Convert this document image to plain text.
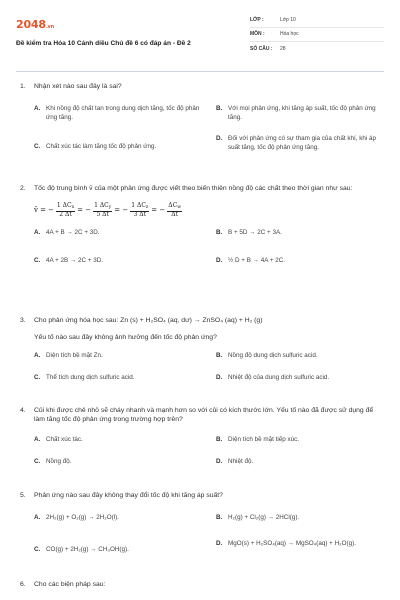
2048.vn
Đề kiểm tra Hóa 10 Cánh diều Chủ đề 6 có đáp án - Đề 2
LỚP :	Lớp 10
MÔN :	Hóa học
SỐ CÂU :	28
1.	Nhận xét nào sau đây là sai?
A. Khi nồng độ chất tan trong dung dịch tăng, tốc độ phản ứng tăng.
B. Với mọi phản ứng, khi tăng áp suất, tốc độ phản ứng tăng.
C. Chất xúc tác làm tăng tốc độ phản ứng.
D. Đối với phản ứng có sự tham gia của chất khí, khi áp suất tăng, tốc độ phản ứng tăng.
2.	Tốc độ trung bình v̄ của một phản ứng được viết theo biến thiên nồng độ các chất theo thời gian như sau:
v̄ = − $\frac{1 \Delta C_x}{2 \Delta t}$ = − $\frac{1 \Delta C_y}{5 \Delta t}$ = − $\frac{1 \Delta C_z}{3 \Delta t}$ = − $\frac{\Delta C_w}{\Delta t}$
A. 4A + B → 2C + 3D.	B. B + 5D → 2C + 3A.
C. 4A + 2B → 2C + 3D.	D. ½ D + B → 4A + 2C.
3.	Cho phản ứng hóa học sau: Zn (s) + H₂SO₄ (aq, dư) → ZnSO₄ (aq) + H₂ (g)
Yếu tố nào sau đây không ảnh hưởng đến tốc độ phản ứng?
A. Diện tích bề mặt Zn.	B. Nồng độ dung dịch sulfuric acid.
C. Thể tích dung dịch sulfuric acid.	D. Nhiệt độ của dung dịch sulfuric acid.
4.	Củi khi được chẻ nhỏ sẽ cháy nhanh và mạnh hơn so với củi có kích thước lớn. Yếu tố nào đã được sử dụng để làm tăng tốc độ phản ứng trong trường hợp trên?
A. Chất xúc tác.	B. Diện tích bề mặt tiếp xúc.
C. Nồng độ.	D. Nhiệt độ.
5.	Phản ứng nào sau đây không thay đổi tốc độ khi tăng áp suất?
A. 2H₂(g) + O₂(g) → 2H₂O(l).	B. H₂(g) + Cl₂(g) → 2HCl(g).
C. CO(g) + 2H₂(g) → CH₃OH(g).
D. MgO(s) + H₂SO₄(aq) → MgSO₄(aq) + H₂O(g).
6.	Cho các biện pháp sau:
